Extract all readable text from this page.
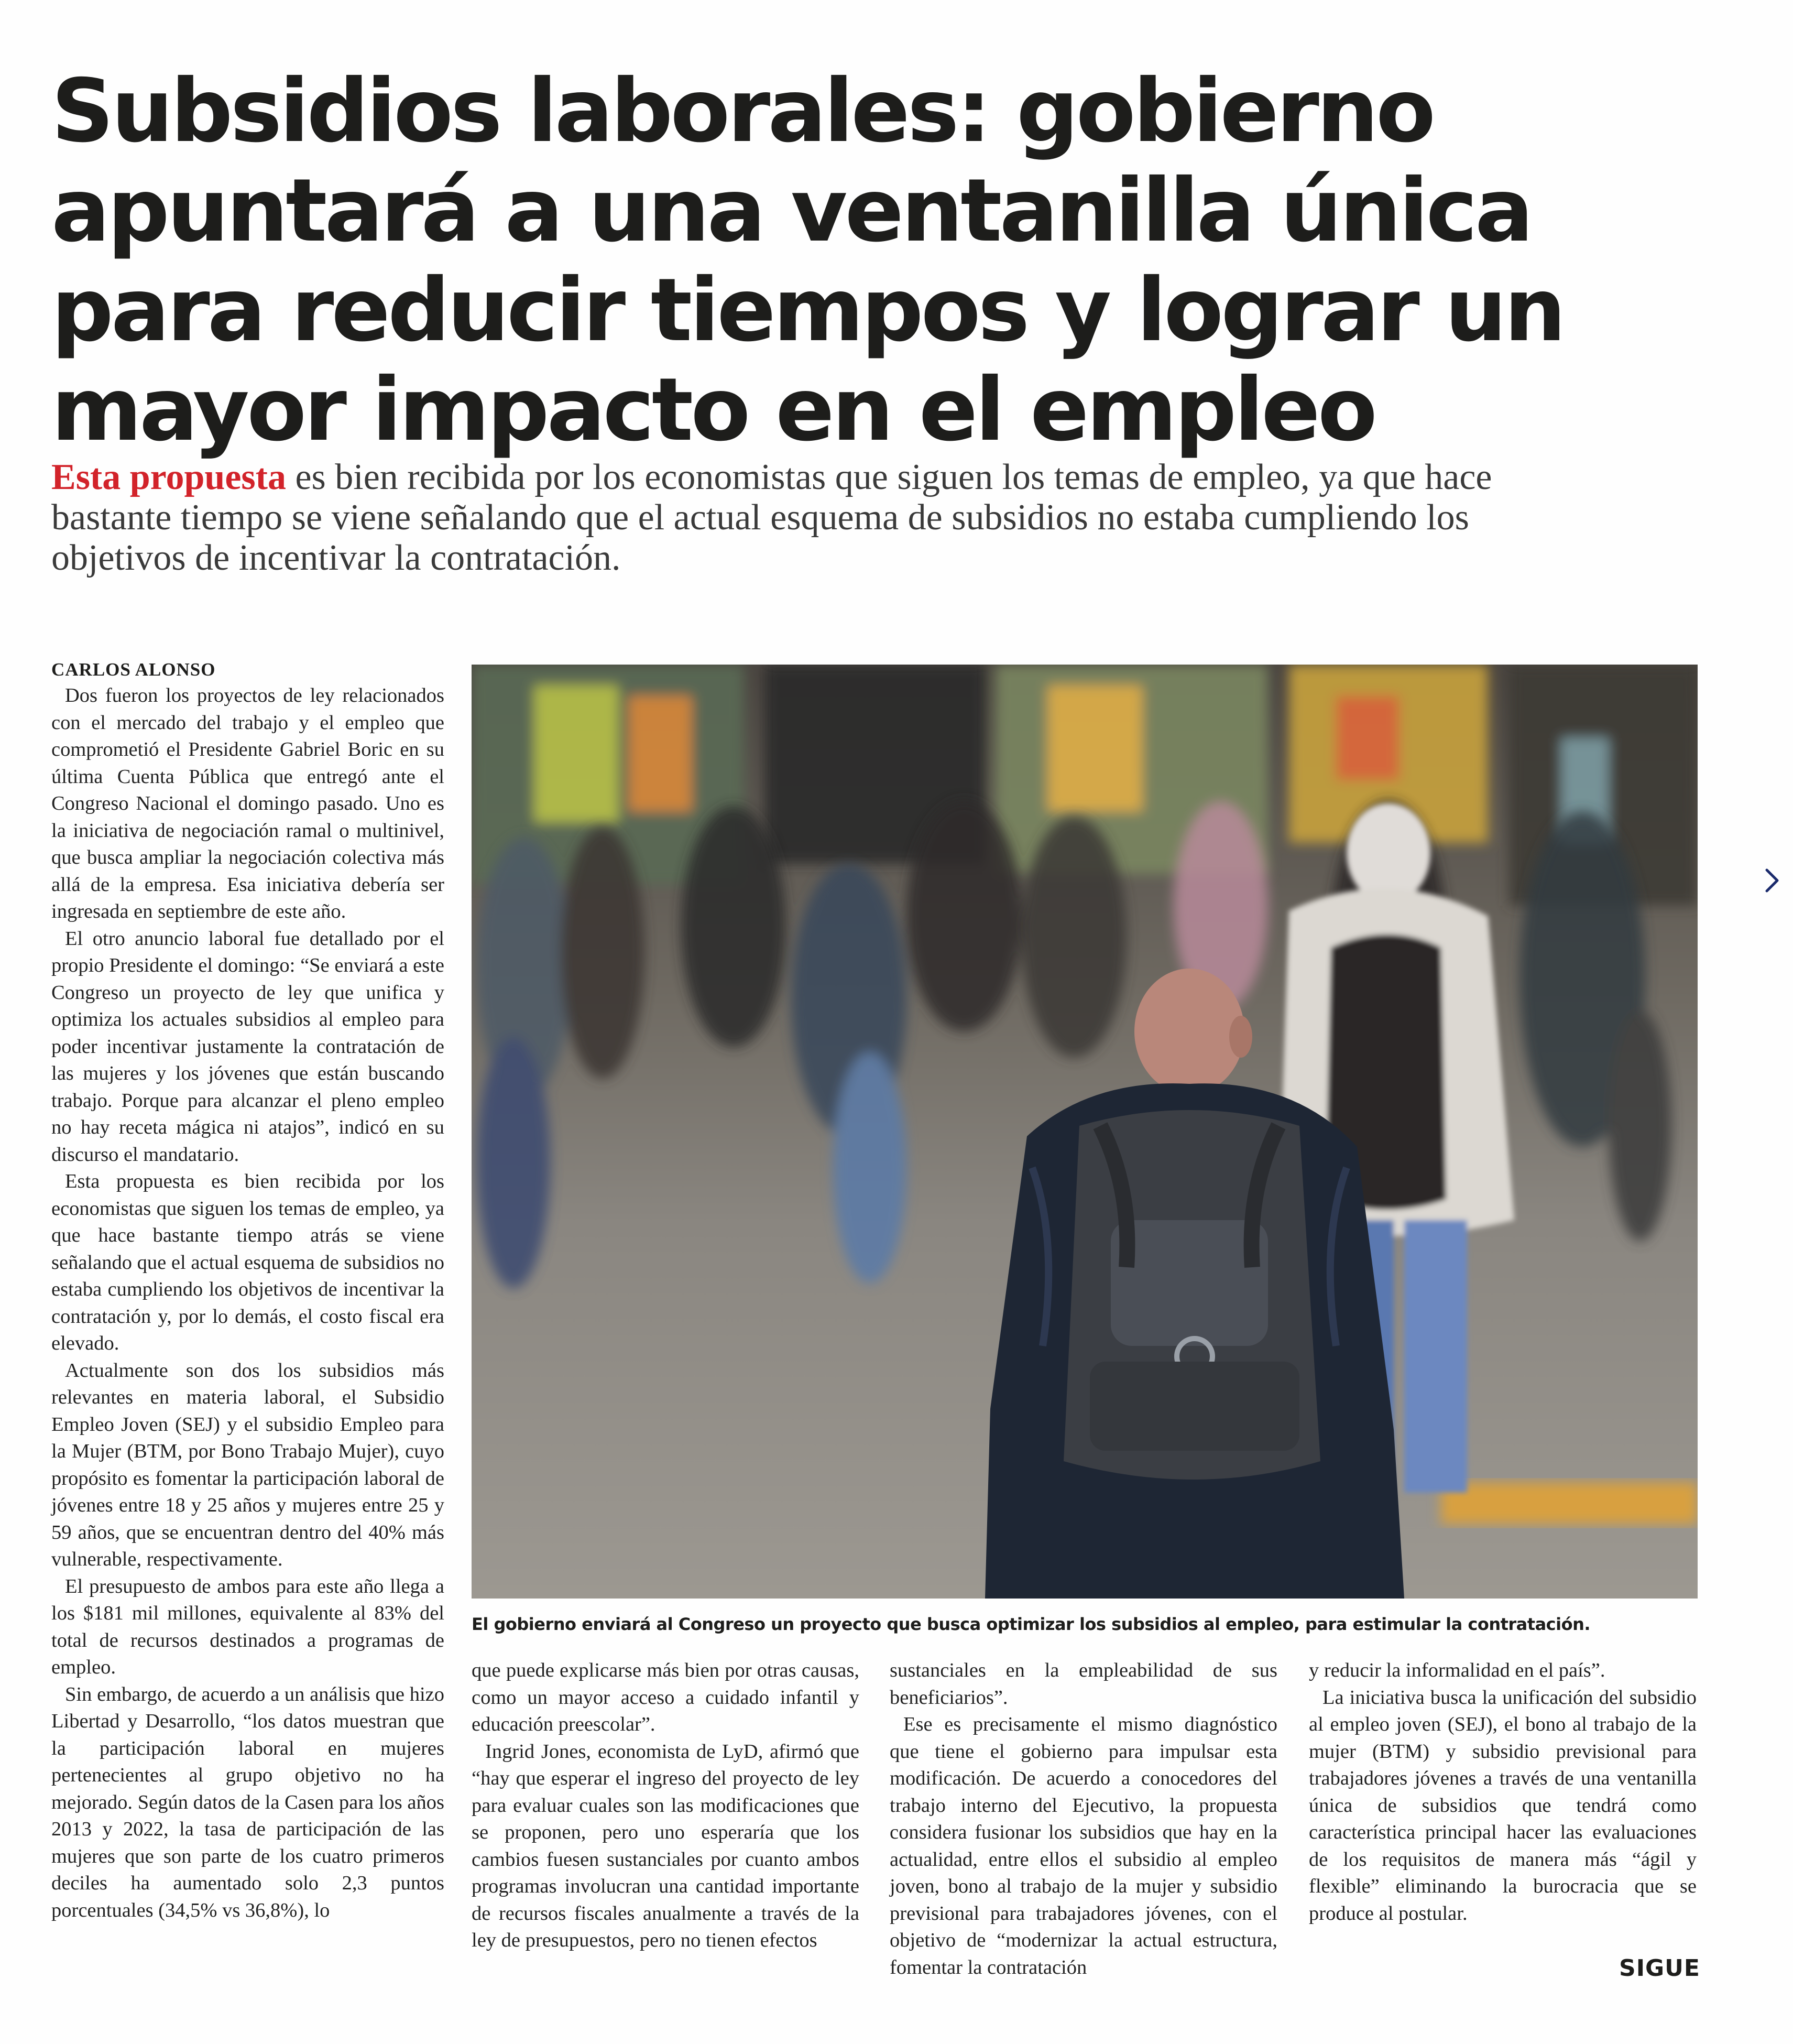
Subsidios laborales: gobierno apuntará a una ventanilla única para reducir tiempos y lograr un mayor impacto en el empleo

Esta propuesta es bien recibida por los economistas que siguen los temas de empleo, ya que hace bastante tiempo se viene señalando que el actual esquema de subsidios no estaba cumpliendo los objetivos de incentivar la contratación.

CARLOS ALONSO

Dos fueron los proyectos de ley relacionados con el mercado del trabajo y el empleo que comprometió el Presidente Gabriel Boric en su última Cuenta Pública que entregó ante el Congreso Nacional el domingo pasado. Uno es la iniciativa de negociación ramal o multinivel, que busca ampliar la negociación colectiva más allá de la empresa. Esa iniciativa debería ser ingresada en septiembre de este año.

El otro anuncio laboral fue detallado por el propio Presidente el domingo: “Se enviará a este Congreso un proyecto de ley que unifica y optimiza los actuales subsidios al empleo para poder incentivar justamente la contratación de las mujeres y los jóvenes que están buscando trabajo. Porque para alcanzar el pleno empleo no hay receta mágica ni atajos”, indicó en su discurso el mandatario.

Esta propuesta es bien recibida por los economistas que siguen los temas de empleo, ya que hace bastante tiempo atrás se viene señalando que el actual esquema de subsidios no estaba cumpliendo los objetivos de incentivar la contratación y, por lo demás, el costo fiscal era elevado.

Actualmente son dos los subsidios más relevantes en materia laboral, el Subsidio Empleo Joven (SEJ) y el subsidio Empleo para la Mujer (BTM, por Bono Trabajo Mujer), cuyo propósito es fomentar la participación laboral de jóvenes entre 18 y 25 años y mujeres entre 25 y 59 años, que se encuentran dentro del 40% más vulnerable, respectivamente.

El presupuesto de ambos para este año llega a los $181 mil millones, equivalente al 83% del total de recursos destinados a programas de empleo.

Sin embargo, de acuerdo a un análisis que hizo Libertad y Desarrollo, “los datos muestran que la participación laboral en mujeres pertenecientes al grupo objetivo no ha mejorado. Según datos de la Casen para los años 2013 y 2022, la tasa de participación de las mujeres que son parte de los cuatro primeros deciles ha aumentado solo 2,3 puntos porcentuales (34,5% vs 36,8%), lo

El gobierno enviará al Congreso un proyecto que busca optimizar los subsidios al empleo, para estimular la contratación.

que puede explicarse más bien por otras causas, como un mayor acceso a cuidado infantil y educación preescolar”.

Ingrid Jones, economista de LyD, afirmó que “hay que esperar el ingreso del proyecto de ley para evaluar cuales son las modificaciones que se proponen, pero uno esperaría que los cambios fuesen sustanciales por cuanto ambos programas involucran una cantidad importante de recursos fiscales anualmente a través de la ley de presupuestos, pero no tienen efectos

sustanciales en la empleabilidad de sus beneficiarios”.

Ese es precisamente el mismo diagnóstico que tiene el gobierno para impulsar esta modificación. De acuerdo a conocedores del trabajo interno del Ejecutivo, la propuesta considera fusionar los subsidios que hay en la actualidad, entre ellos el subsidio al empleo joven, bono al trabajo de la mujer y subsidio previsional para trabajadores jóvenes, con el objetivo de “modernizar la actual estructura, fomentar la contratación

y reducir la informalidad en el país”.

La iniciativa busca la unificación del subsidio al empleo joven (SEJ), el bono al trabajo de la mujer (BTM) y subsidio previsional para trabajadores jóvenes a través de una ventanilla única de subsidios que tendrá como característica principal hacer las evaluaciones de los requisitos de manera más “ágil y flexible” eliminando la burocracia que se produce al postular.

SIGUE
